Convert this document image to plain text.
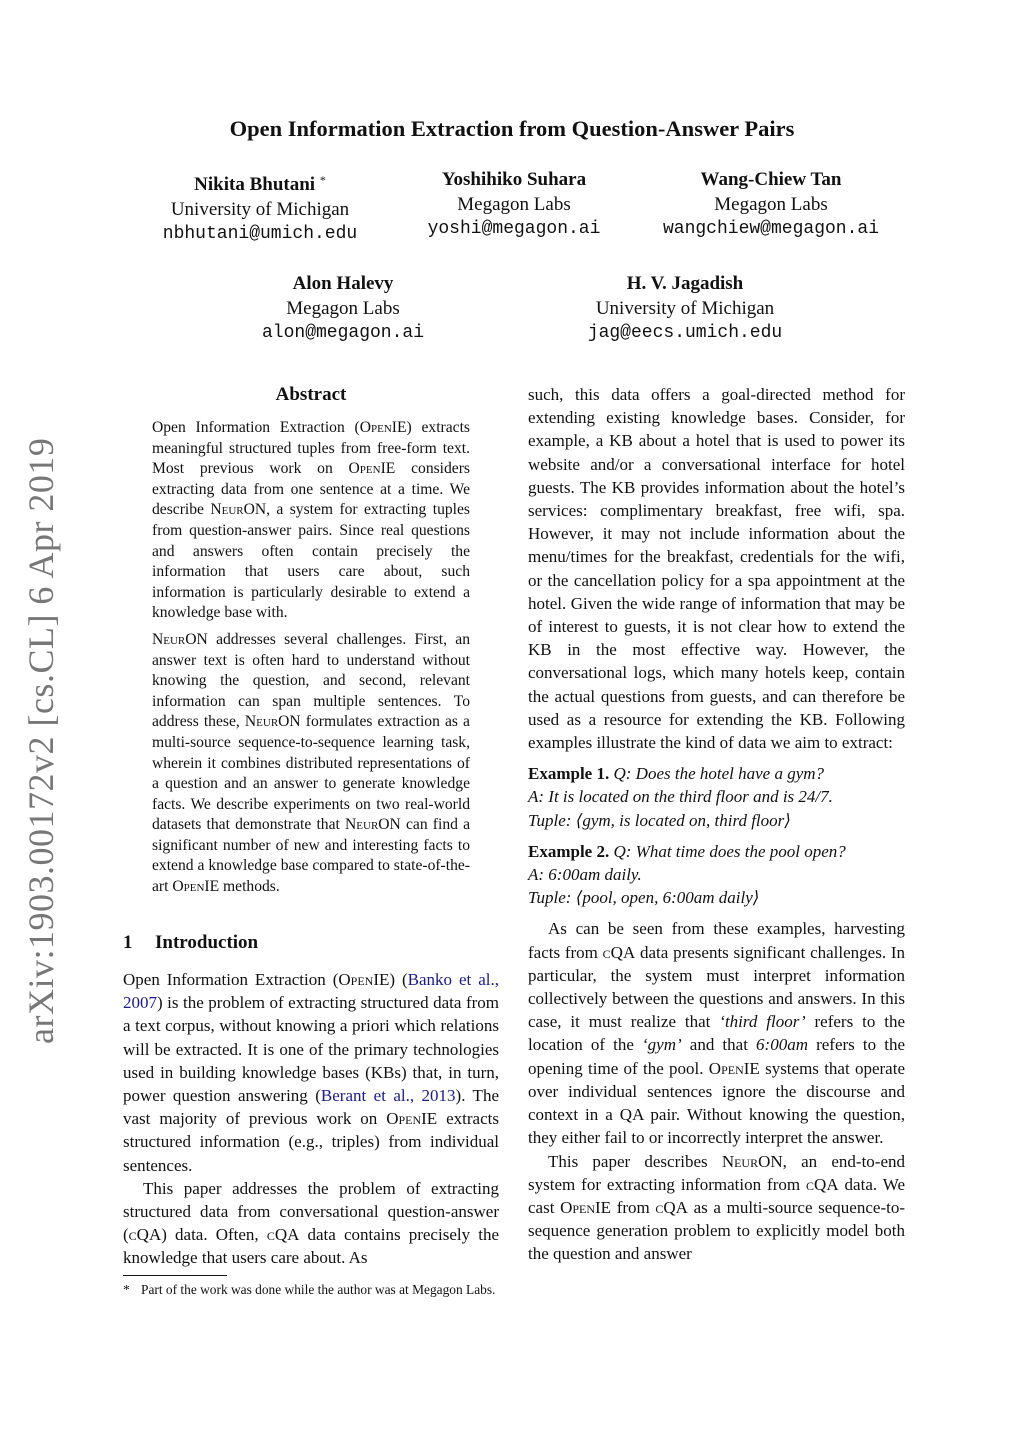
arXiv:1903.00172v2 [cs.CL] 6 Apr 2019
Open Information Extraction from Question-Answer Pairs
Nikita Bhutani *
University of Michigan
nbhutani@umich.edu
Yoshihiko Suhara
Megagon Labs
yoshi@megagon.ai
Wang-Chiew Tan
Megagon Labs
wangchiew@megagon.ai
Alon Halevy
Megagon Labs
alon@megagon.ai
H. V. Jagadish
University of Michigan
jag@eecs.umich.edu
Abstract

Open Information Extraction (OpenIE) extracts meaningful structured tuples from free-form text. Most previous work on OpenIE considers extracting data from one sentence at a time. We describe NeurON, a system for extracting tuples from question-answer pairs. Since real questions and answers often contain precisely the information that users care about, such information is particularly desirable to extend a knowledge base with.

NeurON addresses several challenges. First, an answer text is often hard to understand without knowing the question, and second, relevant information can span multiple sentences. To address these, NeurON formulates extraction as a multi-source sequence-to-sequence learning task, wherein it combines distributed representations of a question and an answer to generate knowledge facts. We describe experiments on two real-world datasets that demonstrate that NeurON can find a significant number of new and interesting facts to extend a knowledge base compared to state-of-the-art OpenIE methods.

1 Introduction

Open Information Extraction (OpenIE) (Banko et al., 2007) is the problem of extracting structured data from a text corpus, without knowing a priori which relations will be extracted. It is one of the primary technologies used in building knowledge bases (KBs) that, in turn, power question answering (Berant et al., 2013). The vast majority of previous work on OpenIE extracts structured information (e.g., triples) from individual sentences.

This paper addresses the problem of extracting structured data from conversational question-answer (cQA) data. Often, cQA data contains precisely the knowledge that users care about. As

* Part of the work was done while the author was at Megagon Labs.

such, this data offers a goal-directed method for extending existing knowledge bases. Consider, for example, a KB about a hotel that is used to power its website and/or a conversational interface for hotel guests. The KB provides information about the hotel’s services: complimentary breakfast, free wifi, spa. However, it may not include information about the menu/times for the breakfast, credentials for the wifi, or the cancellation policy for a spa appointment at the hotel. Given the wide range of information that may be of interest to guests, it is not clear how to extend the KB in the most effective way. However, the conversational logs, which many hotels keep, contain the actual questions from guests, and can therefore be used as a resource for extending the KB. Following examples illustrate the kind of data we aim to extract:

Example 1. Q: Does the hotel have a gym?
A: It is located on the third floor and is 24/7.
Tuple: ⟨gym, is located on, third floor⟩

Example 2. Q: What time does the pool open?
A: 6:00am daily.
Tuple: ⟨pool, open, 6:00am daily⟩

As can be seen from these examples, harvesting facts from cQA data presents significant challenges. In particular, the system must interpret information collectively between the questions and answers. In this case, it must realize that ‘third floor’ refers to the location of the ‘gym’ and that 6:00am refers to the opening time of the pool. OpenIE systems that operate over individual sentences ignore the discourse and context in a QA pair. Without knowing the question, they either fail to or incorrectly interpret the answer.

This paper describes NeurON, an end-to-end system for extracting information from cQA data. We cast OpenIE from cQA as a multi-source sequence-to-sequence generation problem to explicitly model both the question and answer
